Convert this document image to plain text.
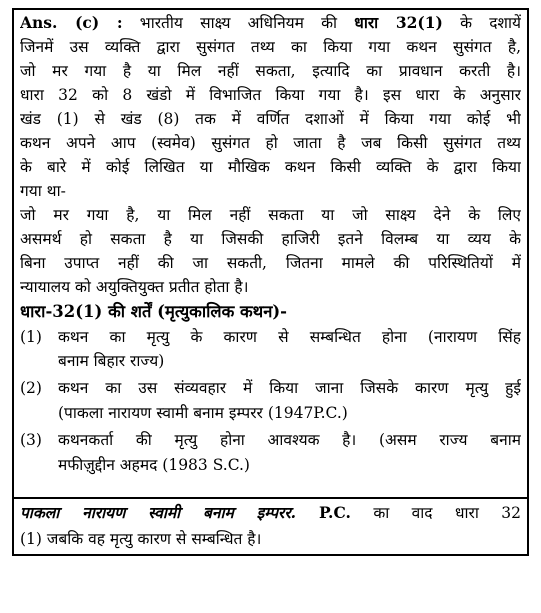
Ans. (c) : भारतीय साक्ष्य अधिनियम की धारा 32(1) के दशायें
जिनमें उस व्यक्ति द्वारा सुसंगत तथ्य का किया गया कथन सुसंगत है,
जो मर गया है या मिल नहीं सकता, इत्यादि का प्रावधान करती है।
धारा 32 को 8 खंडो में विभाजित किया गया है। इस धारा के अनुसार
खंड (1) से खंड (8) तक में वर्णित दशाओं में किया गया कोई भी
कथन अपने आप (स्वमेव) सुसंगत हो जाता है जब किसी सुसंगत तथ्य
के बारे में कोई लिखित या मौखिक कथन किसी व्यक्ति के द्वारा किया
गया था-
जो मर गया है, या मिल नहीं सकता या जो साक्ष्य देने के लिए
असमर्थ हो सकता है या जिसकी हाजिरी इतने विलम्ब या व्यय के
बिना उपाप्त नहीं की जा सकती, जितना मामले की परिस्थितियों में
न्यायालय को अयुक्तियुक्त प्रतीत होता है।
धारा-32(1) की शर्तें (मृत्युकालिक कथन)-
(1)	कथन का मृत्यु के कारण से सम्बन्धित होना (नारायण सिंह
बनाम बिहार राज्य)
(2)	कथन का उस संव्यवहार में किया जाना जिसके कारण मृत्यु हुई
(पाकला नारायण स्वामी बनाम इम्परर (1947P.C.)
(3)	कथनकर्ता की मृत्यु होना आवश्यक है। (असम राज्य बनाम
मफीज़ुद्दीन अहमद (1983 S.C.)
पाकला नारायण स्वामी बनाम इम्परर. P.C. का वाद धारा 32
(1) जबकि वह मृत्यु कारण से सम्बन्धित है।
